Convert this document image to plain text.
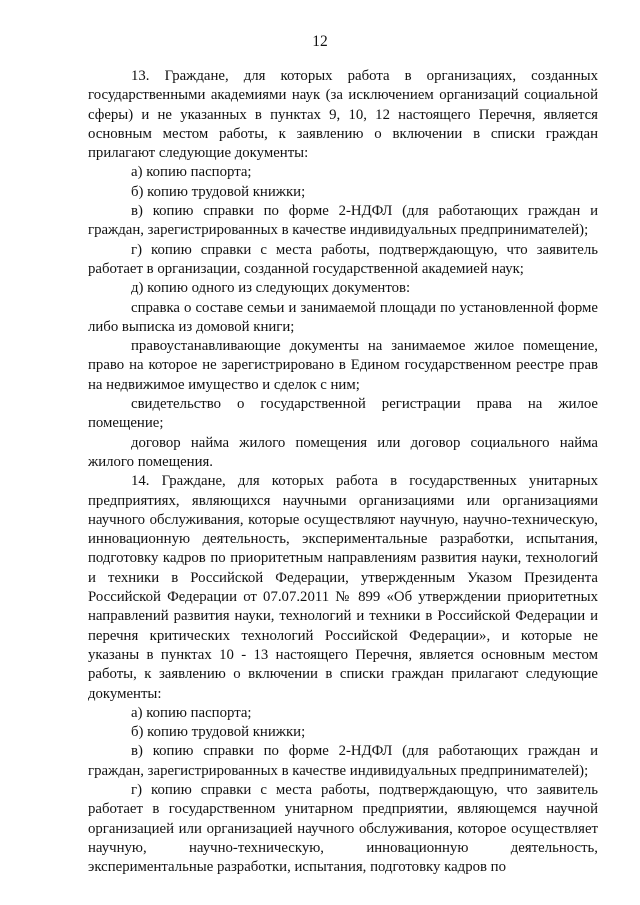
12

13. Граждане, для которых работа в организациях, созданных государственными академиями наук (за исключением организаций социальной сферы) и не указанных в пунктах 9, 10, 12 настоящего Перечня, является основным местом работы, к заявлению о включении в списки граждан прилагают следующие документы:

а) копию паспорта;

б) копию трудовой книжки;

в) копию справки по форме 2-НДФЛ (для работающих граждан и граждан, зарегистрированных в качестве индивидуальных предпринимателей);

г) копию справки с места работы, подтверждающую, что заявитель работает в организации, созданной государственной академией наук;

д) копию одного из следующих документов:

справка о составе семьи и занимаемой площади по установленной форме либо выписка из домовой книги;

правоустанавливающие документы на занимаемое жилое помещение, право на которое не зарегистрировано в Едином государственном реестре прав на недвижимое имущество и сделок с ним;

свидетельство о государственной регистрации права на жилое помещение;

договор найма жилого помещения или договор социального найма жилого помещения.

14. Граждане, для которых работа в государственных унитарных предприятиях, являющихся научными организациями или организациями научного обслуживания, которые осуществляют научную, научно-техническую, инновационную деятельность, экспериментальные разработки, испытания, подготовку кадров по приоритетным направлениям развития науки, технологий и техники в Российской Федерации, утвержденным Указом Президента Российской Федерации от 07.07.2011 № 899 «Об утверждении приоритетных направлений развития науки, технологий и техники в Российской Федерации и перечня критических технологий Российской Федерации», и которые не указаны в пунктах 10 - 13 настоящего Перечня, является основным местом работы, к заявлению о включении в списки граждан прилагают следующие документы:

а) копию паспорта;

б) копию трудовой книжки;

в) копию справки по форме 2-НДФЛ (для работающих граждан и граждан, зарегистрированных в качестве индивидуальных предпринимателей);

г) копию справки с места работы, подтверждающую, что заявитель работает в государственном унитарном предприятии, являющемся научной организацией или организацией научного обслуживания, которое осуществляет научную, научно-техническую, инновационную деятельность, экспериментальные разработки, испытания, подготовку кадров по
